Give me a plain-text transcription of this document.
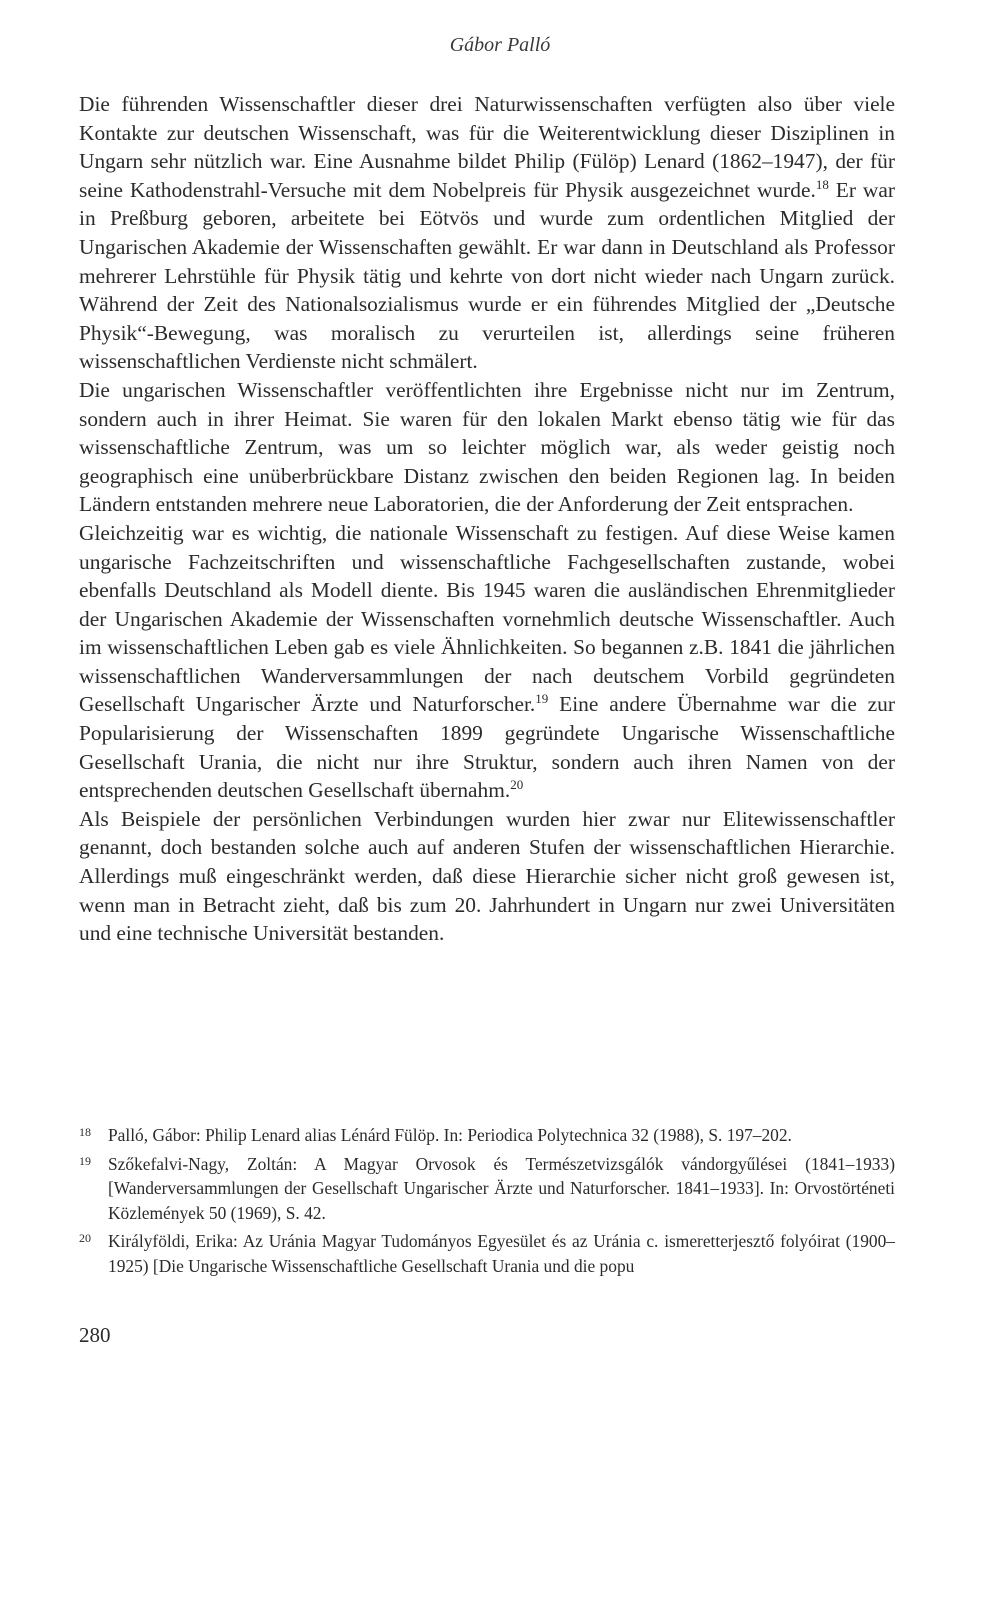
Gábor Palló

Die führenden Wissenschaftler dieser drei Naturwissenschaften verfügten also über viele Kontakte zur deutschen Wissenschaft, was für die Weiterentwicklung dieser Disziplinen in Ungarn sehr nützlich war. Eine Ausnahme bildet Philip (Fülöp) Lenard (1862–1947), der für seine Kathodenstrahl-Versuche mit dem Nobelpreis für Physik ausgezeichnet wurde.$^{18}$ Er war in Preßburg geboren, arbeitete bei Eötvös und wurde zum ordentlichen Mitglied der Ungarischen Akademie der Wissenschaften gewählt. Er war dann in Deutschland als Professor mehrerer Lehrstühle für Physik tätig und kehrte von dort nicht wieder nach Ungarn zurück. Während der Zeit des Nationalsozialismus wurde er ein führendes Mitglied der „Deutsche Physik“-Bewegung, was moralisch zu verurteilen ist, allerdings seine früheren wissenschaftlichen Verdienste nicht schmälert.

Die ungarischen Wissenschaftler veröffentlichten ihre Ergebnisse nicht nur im Zentrum, sondern auch in ihrer Heimat. Sie waren für den lokalen Markt ebenso tätig wie für das wissenschaftliche Zentrum, was um so leichter möglich war, als weder geistig noch geographisch eine unüberbrückbare Distanz zwischen den beiden Regionen lag. In beiden Ländern entstanden mehrere neue Laboratorien, die der Anforderung der Zeit entsprachen.

Gleichzeitig war es wichtig, die nationale Wissenschaft zu festigen. Auf diese Weise kamen ungarische Fachzeitschriften und wissenschaftliche Fachgesellschaften zustande, wobei ebenfalls Deutschland als Modell diente. Bis 1945 waren die ausländischen Ehrenmitglieder der Ungarischen Akademie der Wissenschaften vornehmlich deutsche Wissenschaftler. Auch im wissenschaftlichen Leben gab es viele Ähnlichkeiten. So begannen z.B. 1841 die jährlichen wissenschaftlichen Wanderversammlungen der nach deutschem Vorbild gegründeten Gesellschaft Ungarischer Ärzte und Naturforscher.$^{19}$ Eine andere Übernahme war die zur Popularisierung der Wissenschaften 1899 gegründete Ungarische Wissenschaftliche Gesellschaft Urania, die nicht nur ihre Struktur, sondern auch ihren Namen von der entsprechenden deutschen Gesellschaft übernahm.$^{20}$

Als Beispiele der persönlichen Verbindungen wurden hier zwar nur Elitewissenschaftler genannt, doch bestanden solche auch auf anderen Stufen der wissenschaftlichen Hierarchie. Allerdings muß eingeschränkt werden, daß diese Hierarchie sicher nicht groß gewesen ist, wenn man in Betracht zieht, daß bis zum 20. Jahrhundert in Ungarn nur zwei Universitäten und eine technische Universität bestanden.

18 Palló, Gábor: Philip Lenard alias Lénárd Fülöp. In: Periodica Polytechnica 32 (1988), S. 197–202.
19 Szőkefalvi-Nagy, Zoltán: A Magyar Orvosok és Természetvizsgálók vándorgyűlései (1841–1933) [Wanderversammlungen der Gesellschaft Ungarischer Ärzte und Naturforscher. 1841–1933]. In: Orvostörténeti Közlemények 50 (1969), S. 42.
20 Királyföldi, Erika: Az Uránia Magyar Tudományos Egyesület és az Uránia c. ismeretterjesztő folyóirat (1900–1925) [Die Ungarische Wissenschaftliche Gesellschaft Urania und die popu
280
